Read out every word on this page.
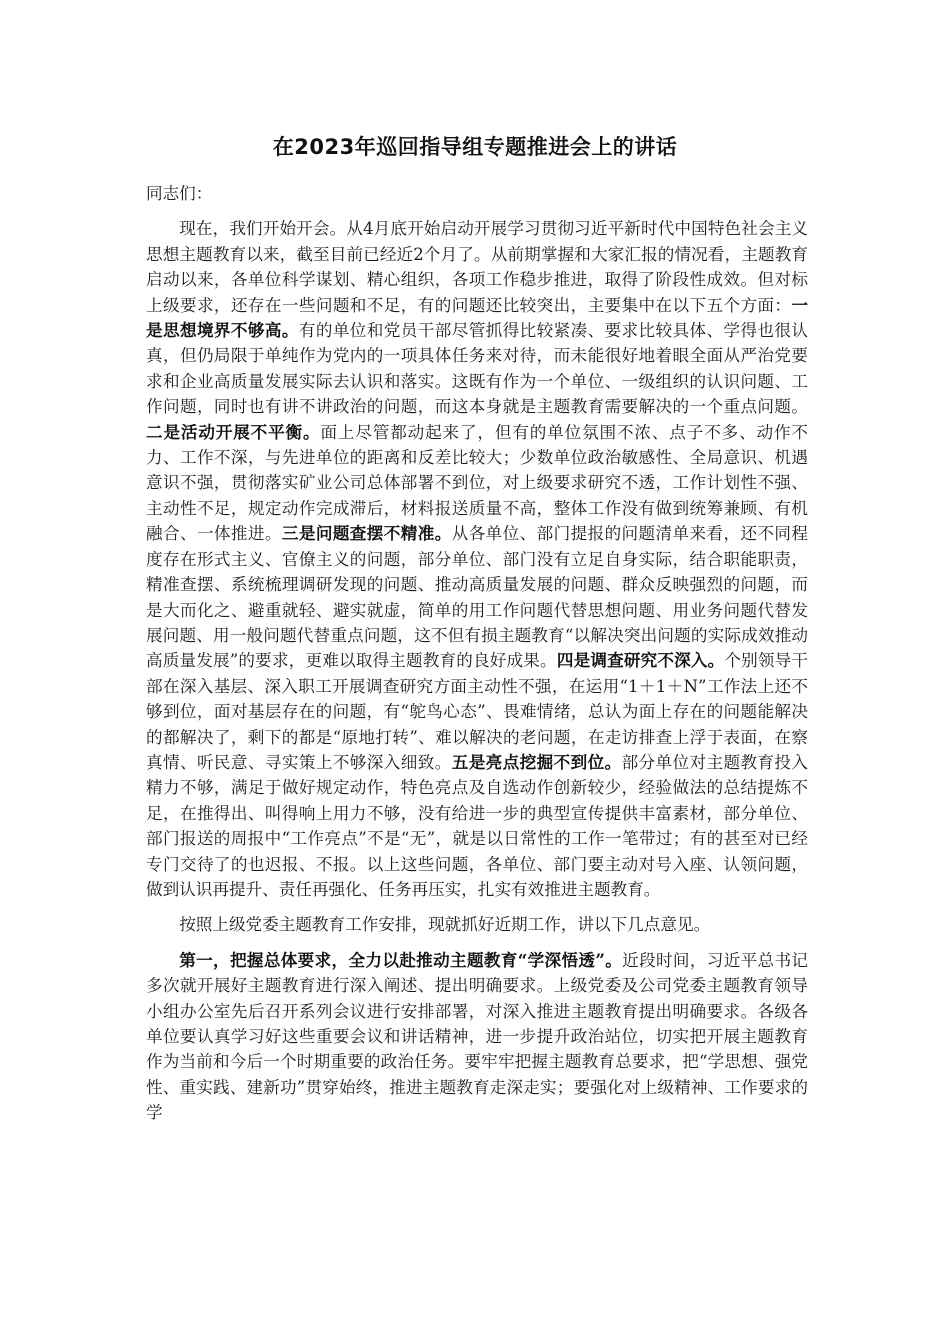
在2023年巡回指导组专题推进会上的讲话

同志们：

现在，我们开始开会。从4月底开始启动开展学习贯彻习近平新时代中国特色社会主义思想主题教育以来，截至目前已经近2个月了。从前期掌握和大家汇报的情况看，主题教育启动以来，各单位科学谋划、精心组织，各项工作稳步推进，取得了阶段性成效。但对标上级要求，还存在一些问题和不足，有的问题还比较突出，主要集中在以下五个方面：一是思想境界不够高。有的单位和党员干部尽管抓得比较紧凑、要求比较具体、学得也很认真，但仍局限于单纯作为党内的一项具体任务来对待，而未能很好地着眼全面从严治党要求和企业高质量发展实际去认识和落实。这既有作为一个单位、一级组织的认识问题、工作问题，同时也有讲不讲政治的问题，而这本身就是主题教育需要解决的一个重点问题。二是活动开展不平衡。面上尽管都动起来了，但有的单位氛围不浓、点子不多、动作不力、工作不深，与先进单位的距离和反差比较大；少数单位政治敏感性、全局意识、机遇意识不强，贯彻落实矿业公司总体部署不到位，对上级要求研究不透，工作计划性不强、主动性不足，规定动作完成滞后，材料报送质量不高，整体工作没有做到统筹兼顾、有机融合、一体推进。三是问题查摆不精准。从各单位、部门提报的问题清单来看，还不同程度存在形式主义、官僚主义的问题，部分单位、部门没有立足自身实际，结合职能职责，精准查摆、系统梳理调研发现的问题、推动高质量发展的问题、群众反映强烈的问题，而是大而化之、避重就轻、避实就虚，简单的用工作问题代替思想问题、用业务问题代替发展问题、用一般问题代替重点问题，这不但有损主题教育“以解决突出问题的实际成效推动高质量发展”的要求，更难以取得主题教育的良好成果。四是调查研究不深入。个别领导干部在深入基层、深入职工开展调查研究方面主动性不强，在运用“1＋1＋N”工作法上还不够到位，面对基层存在的问题，有“鸵鸟心态”、畏难情绪，总认为面上存在的问题能解决的都解决了，剩下的都是“原地打转”、难以解决的老问题，在走访排查上浮于表面，在察真情、听民意、寻实策上不够深入细致。五是亮点挖掘不到位。部分单位对主题教育投入精力不够，满足于做好规定动作，特色亮点及自选动作创新较少，经验做法的总结提炼不足，在推得出、叫得响上用力不够，没有给进一步的典型宣传提供丰富素材，部分单位、部门报送的周报中“工作亮点”不是“无”，就是以日常性的工作一笔带过；有的甚至对已经专门交待了的也迟报、不报。以上这些问题，各单位、部门要主动对号入座、认领问题，做到认识再提升、责任再强化、任务再压实，扎实有效推进主题教育。

按照上级党委主题教育工作安排，现就抓好近期工作，讲以下几点意见。

第一，把握总体要求，全力以赴推动主题教育“学深悟透”。近段时间，习近平总书记多次就开展好主题教育进行深入阐述、提出明确要求。上级党委及公司党委主题教育领导小组办公室先后召开系列会议进行安排部署，对深入推进主题教育提出明确要求。各级各单位要认真学习好这些重要会议和讲话精神，进一步提升政治站位，切实把开展主题教育作为当前和今后一个时期重要的政治任务。要牢牢把握主题教育总要求，把“学思想、强党性、重实践、建新功”贯穿始终，推进主题教育走深走实；要强化对上级精神、工作要求的学
